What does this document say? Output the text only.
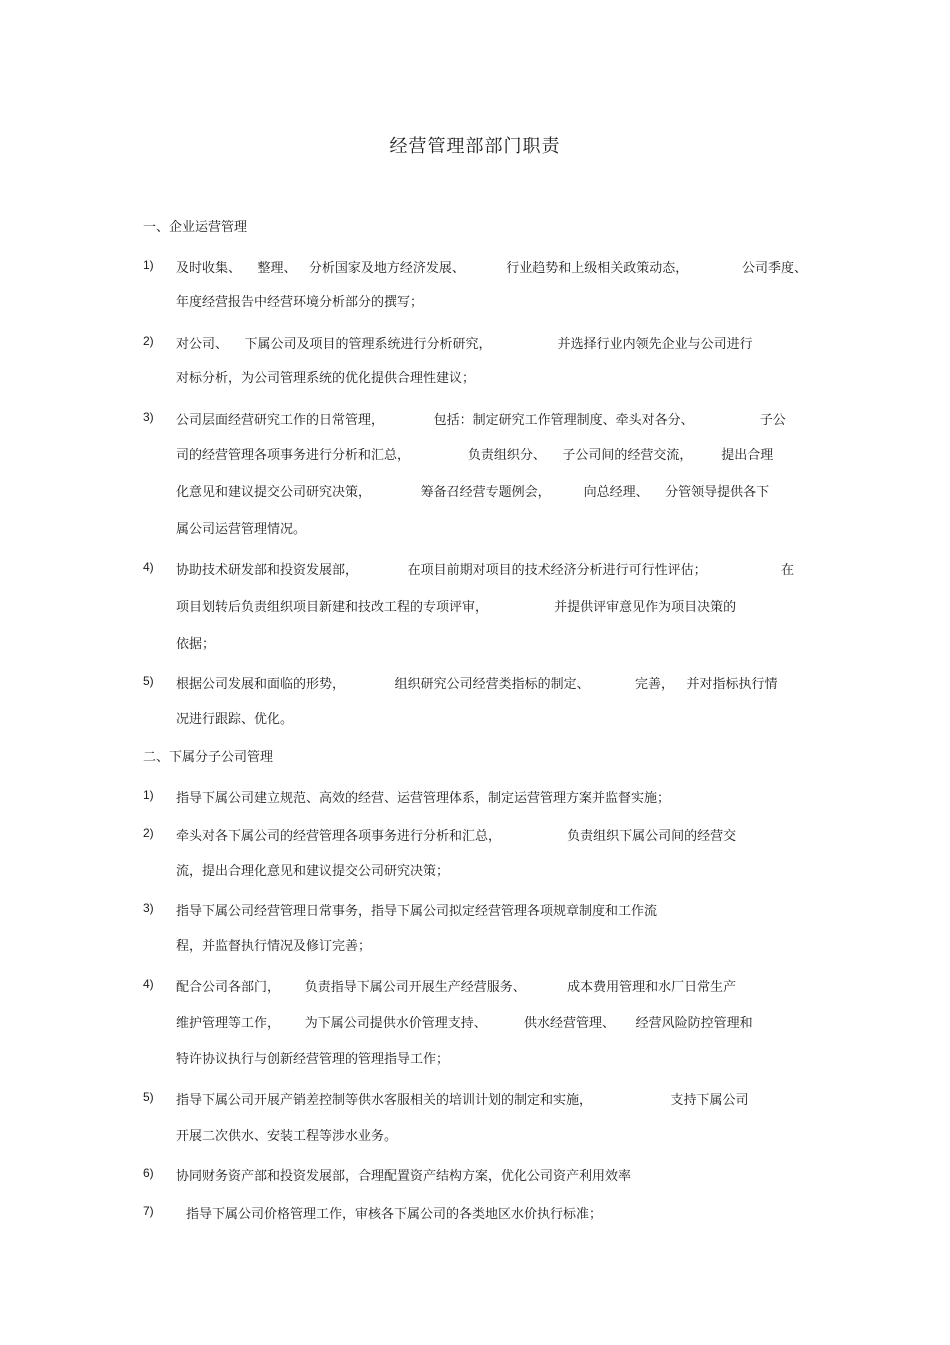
经营管理部部门职责
一、企业运营管理
1) 及时收集、    整理、   分析国家及地方经济发展、          行业趋势和上级相关政策动态，             公司季度、
年度经营报告中经营环境分析部分的撰写；
2) 对公司、    下属公司及项目的管理系统进行分析研究，                并选择行业内领先企业与公司进行
对标分析，为公司管理系统的优化提供合理性建议；
3) 公司层面经营研究工作的日常管理，            包括：制定研究工作管理制度、牵头对各分、                子公
司的经营管理各项事务进行分析和汇总，              负责组织分、    子公司间的经营交流，       提出合理
化意见和建议提交公司研究决策，            筹备召经营专题例会，        向总经理、    分管领导提供各下
属公司运营管理情况。
4) 协助技术研发部和投资发展部，            在项目前期对项目的技术经济分析进行可行性评估；                  在
项目划转后负责组织项目新建和技改工程的专项评审，                并提供评审意见作为项目决策的
依据；
5) 根据公司发展和面临的形势，            组织研究公司经营类指标的制定、           完善，   并对指标执行情
况进行跟踪、优化。
二、下属分子公司管理
1) 指导下属公司建立规范、高效的经营、运营管理体系，制定运营管理方案并监督实施；
2) 牵头对各下属公司的经营管理各项事务进行分析和汇总，                负责组织下属公司间的经营交
流，提出合理化意见和建议提交公司研究决策；
3) 指导下属公司经营管理日常事务，指导下属公司拟定经营管理各项规章制度和工作流
程，并监督执行情况及修订完善；
4) 配合公司各部门，      负责指导下属公司开展生产经营服务、          成本费用管理和水厂日常生产
维护管理等工作，      为下属公司提供水价管理支持、         供水经营管理、     经营风险防控管理和
特许协议执行与创新经营管理的管理指导工作；
5) 指导下属公司开展产销差控制等供水客服相关的培训计划的制定和实施，                   支持下属公司
开展二次供水、安装工程等涉水业务。
6) 协同财务资产部和投资发展部，合理配置资产结构方案，优化公司资产利用效率
7) 指导下属公司价格管理工作，审核各下属公司的各类地区水价执行标准；
